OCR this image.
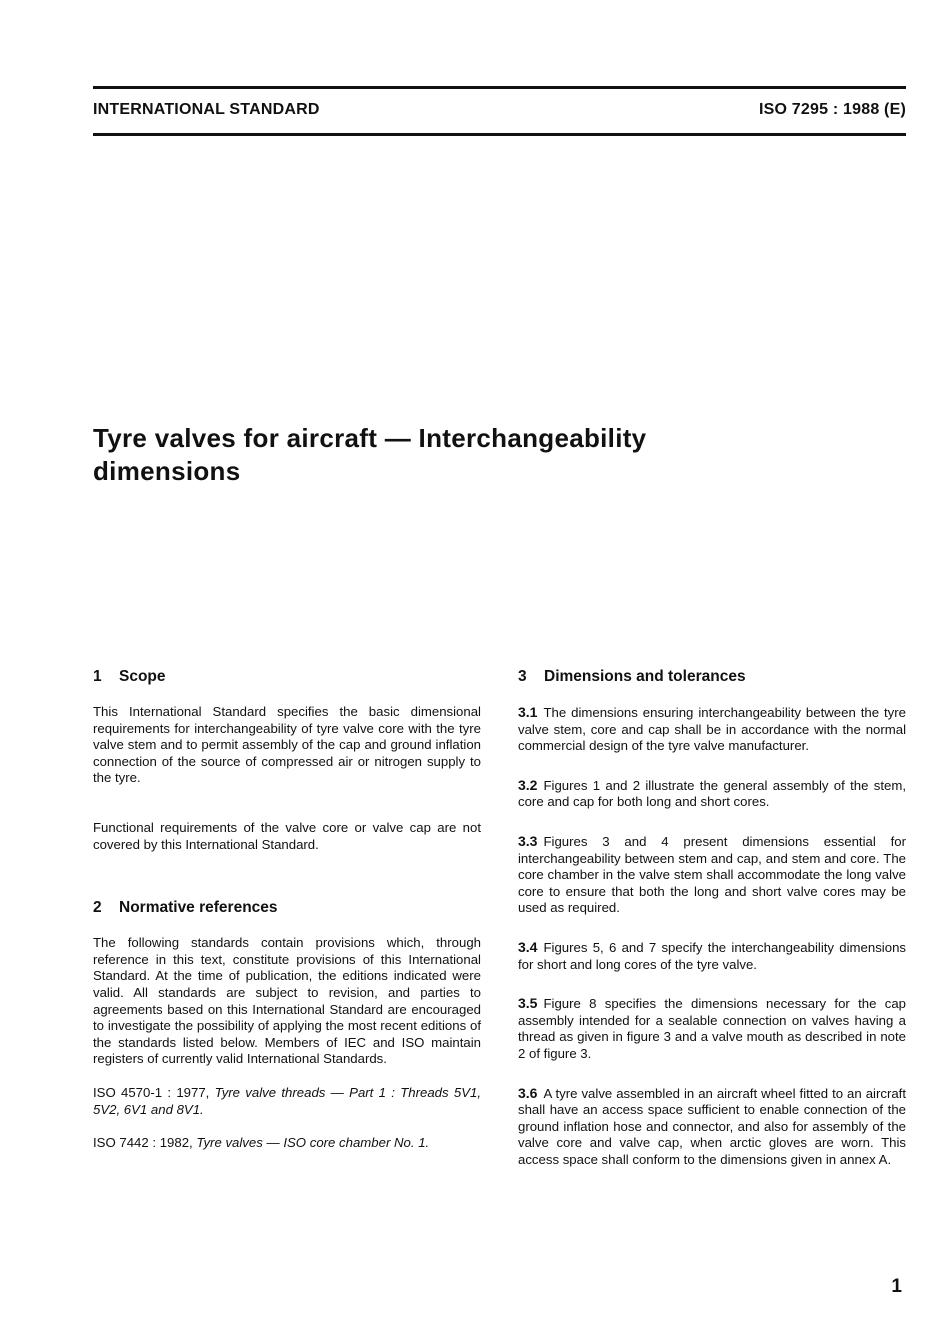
INTERNATIONAL STANDARD	ISO 7295 : 1988 (E)
Tyre valves for aircraft — Interchangeability
dimensions
1 Scope

This International Standard specifies the basic dimensional requirements for interchangeability of tyre valve core with the tyre valve stem and to permit assembly of the cap and ground inflation connection of the source of compressed air or nitrogen supply to the tyre.

Functional requirements of the valve core or valve cap are not covered by this International Standard.

2 Normative references

The following standards contain provisions which, through reference in this text, constitute provisions of this International Standard. At the time of publication, the editions indicated were valid. All standards are subject to revision, and parties to agreements based on this International Standard are encouraged to investigate the possibility of applying the most recent editions of the standards listed below. Members of IEC and ISO maintain registers of currently valid International Standards.

ISO 4570-1 : 1977, Tyre valve threads — Part 1 : Threads 5V1, 5V2, 6V1 and 8V1.

ISO 7442 : 1982, Tyre valves — ISO core chamber No. 1.

3 Dimensions and tolerances

3.1 The dimensions ensuring interchangeability between the tyre valve stem, core and cap shall be in accordance with the normal commercial design of the tyre valve manufacturer.

3.2 Figures 1 and 2 illustrate the general assembly of the stem, core and cap for both long and short cores.

3.3 Figures 3 and 4 present dimensions essential for interchangeability between stem and cap, and stem and core. The core chamber in the valve stem shall accommodate the long valve core to ensure that both the long and short valve cores may be used as required.

3.4 Figures 5, 6 and 7 specify the interchangeability dimensions for short and long cores of the tyre valve.

3.5 Figure 8 specifies the dimensions necessary for the cap assembly intended for a sealable connection on valves having a thread as given in figure 3 and a valve mouth as described in note 2 of figure 3.

3.6 A tyre valve assembled in an aircraft wheel fitted to an aircraft shall have an access space sufficient to enable connection of the ground inflation hose and connector, and also for assembly of the valve core and valve cap, when arctic gloves are worn. This access space shall conform to the dimensions given in annex A.

1
